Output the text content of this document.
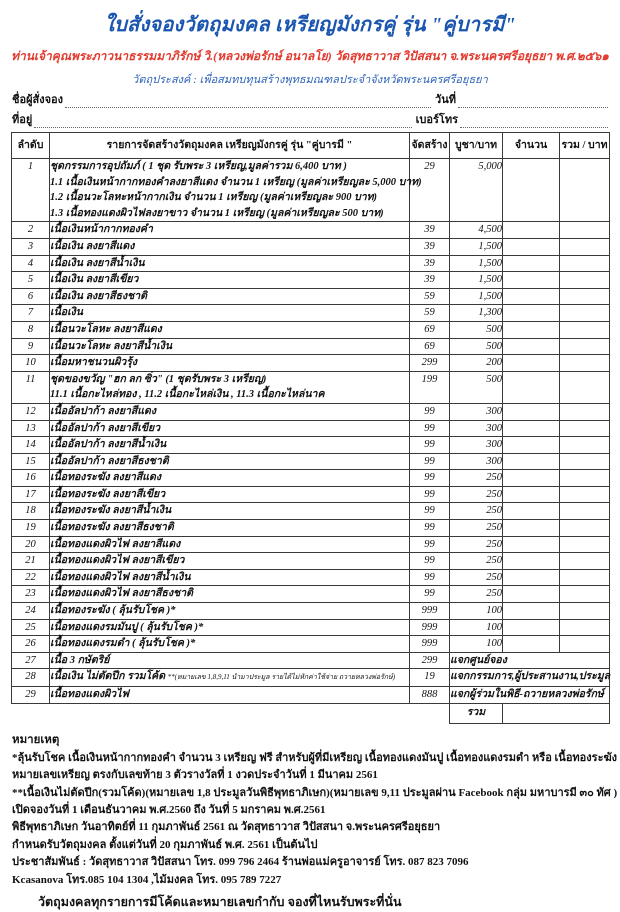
ใบสั่งจองวัตถุมงคล เหรียญมังกรคู่ รุ่น "คู่บารมี"
ท่านเจ้าคุณพระภาวนาธรรมมาภิรักษ์ วิ.(หลวงพ่อรักษ์ อนาลโย) วัดสุทธาวาส วิปัสสนา จ.พระนครศรีอยุธยา พ.ศ.๒๕๖๑
วัตถุประสงค์ : เพื่อสมทบทุนสร้างพุทธมณฑลประจำจังหวัดพระนครศรีอยุธยา
ชื่อผู้สั่งจอง	วันที่
ที่อยู่	เบอร์โทร
ลำดับ	รายการจัดสร้างวัตถุมงคล เหรียญมังกรคู่ รุ่น "คู่บารมี "	จัดสร้าง	บูชา/บาท	จำนวน	รวม / บาท
1	ชุดกรรมการอุปถัมภ์ ( 1 ชุด รับพระ 3 เหรียญ,มูลค่ารวม 6,400 บาท )
1.1 เนื้อเงินหน้ากากทองคำลงยาสีแดง จำนวน 1 เหรียญ (มูลค่าเหรียญละ 5,000 บาท)
1.2 เนื้อนวะโลหะหน้ากากเงิน จำนวน 1 เหรียญ (มูลค่าเหรียญละ 900 บาท)
1.3 เนื้อทองแดงผิวไฟลงยาขาว จำนวน 1 เหรียญ (มูลค่าเหรียญละ 500 บาท)	29	5,000		
2	เนื้อเงินหน้ากากทองคำ	39	4,500		
3	เนื้อเงิน ลงยาสีแดง	39	1,500		
4	เนื้อเงิน ลงยาสีน้ำเงิน	39	1,500		
5	เนื้อเงิน ลงยาสีเขียว	39	1,500		
6	เนื้อเงิน ลงยาสีธงชาติ	59	1,500		
7	เนื้อเงิน	59	1,300		
8	เนื้อนวะโลหะ ลงยาสีแดง	69	500		
9	เนื้อนวะโลหะ ลงยาสีน้ำเงิน	69	500		
10	เนื้อมหาชนวนผิวรุ้ง	299	200		
11	ชุดของขวัญ "ฮก ลก ซิ่ว" (1 ชุดรับพระ 3 เหรียญ)
11.1 เนื้อกะไหล่ทอง , 11.2 เนื้อกะไหล่เงิน , 11.3 เนื้อกะไหล่นาค	199	500		
12	เนื้ออัลปาก้า ลงยาสีแดง	99	300		
13	เนื้ออัลปาก้า ลงยาสีเขียว	99	300		
14	เนื้ออัลปาก้า ลงยาสีน้ำเงิน	99	300		
15	เนื้ออัลปาก้า ลงยาสีธงชาติ	99	300		
16	เนื้อทองระฆัง ลงยาสีแดง	99	250		
17	เนื้อทองระฆัง ลงยาสีเขียว	99	250		
18	เนื้อทองระฆัง ลงยาสีน้ำเงิน	99	250		
19	เนื้อทองระฆัง ลงยาสีธงชาติ	99	250		
20	เนื้อทองแดงผิวไฟ ลงยาสีแดง	99	250		
21	เนื้อทองแดงผิวไฟ ลงยาสีเขียว	99	250		
22	เนื้อทองแดงผิวไฟ ลงยาสีน้ำเงิน	99	250		
23	เนื้อทองแดงผิวไฟ ลงยาสีธงชาติ	99	250		
24	เนื้อทองระฆัง ( ลุ้นรับโชค )*	999	100		
25	เนื้อทองแดงรมมันปู ( ลุ้นรับโชค )*	999	100		
26	เนื้อทองแดงรมดำ ( ลุ้นรับโชค )*	999	100		
27	เนื้อ 3 กษัตริย์	299	แจกศูนย์จอง		
28	เนื้อเงิน ไม่ตัดปีก รวมโค้ด **(หมายเลข 1,8,9,11 นำมาประมูล รายได้ไม่หักค่าใช้จ่าย ถวายหลวงพ่อรักษ์)	19	แจกกรรมการ,ผู้ประสานงาน,ประมูล		
29	เนื้อทองแดงผิวไฟ	888	แจกผู้ร่วมในพิธี-ถวายหลวงพ่อรักษ์		
			รวม		
หมายเหตุ
*ลุ้นรับโชค เนื้อเงินหน้ากากทองคำ จำนวน 3 เหรียญ ฟรี สำหรับผู้ที่มีเหรียญ เนื้อทองแดงมันปู เนื้อทองแดงรมดำ หรือ เนื้อทองระฆัง
หมายเลขเหรียญ ตรงกับเลขท้าย 3 ตัวรางวัลที่ 1 งวดประจำวันที่ 1 มีนาคม 2561
**เนื้อเงินไม่ตัดปีก(รวมโค้ด)(หมายเลข 1,8 ประมูลวันพิธีพุทธาภิเษก)(หมายเลข 9,11 ประมูลผ่าน Facebook กลุ่ม มหาบารมี ๓๐ ทัศ )
เปิดจองวันที่ 1 เดือนธันวาคม พ.ศ.2560 ถึง วันที่ 5 มกราคม พ.ศ.2561
พิธีพุทธาภิเษก วันอาทิตย์ที่ 11 กุมภาพันธ์ 2561 ณ วัดสุทธาวาส วิปัสสนา จ.พระนครศรีอยุธยา
กำหนดรับวัตถุมงคล ตั้งแต่วันที่ 20 กุมภาพันธ์ พ.ศ. 2561 เป็นต้นไป
ประชาสัมพันธ์ : วัดสุทธาวาส วิปัสสนา โทร. 099 796 2464 ร้านพ่อแม่ครูอาจารย์ โทร. 087 823 7096
Kcasanova โทร.085 104 1304 ,ไม้มงคล โทร. 095 789 7227
วัตถุมงคลทุกรายการมีโค้ดและหมายเลขกำกับ จองที่ไหนรับพระที่นั่น
